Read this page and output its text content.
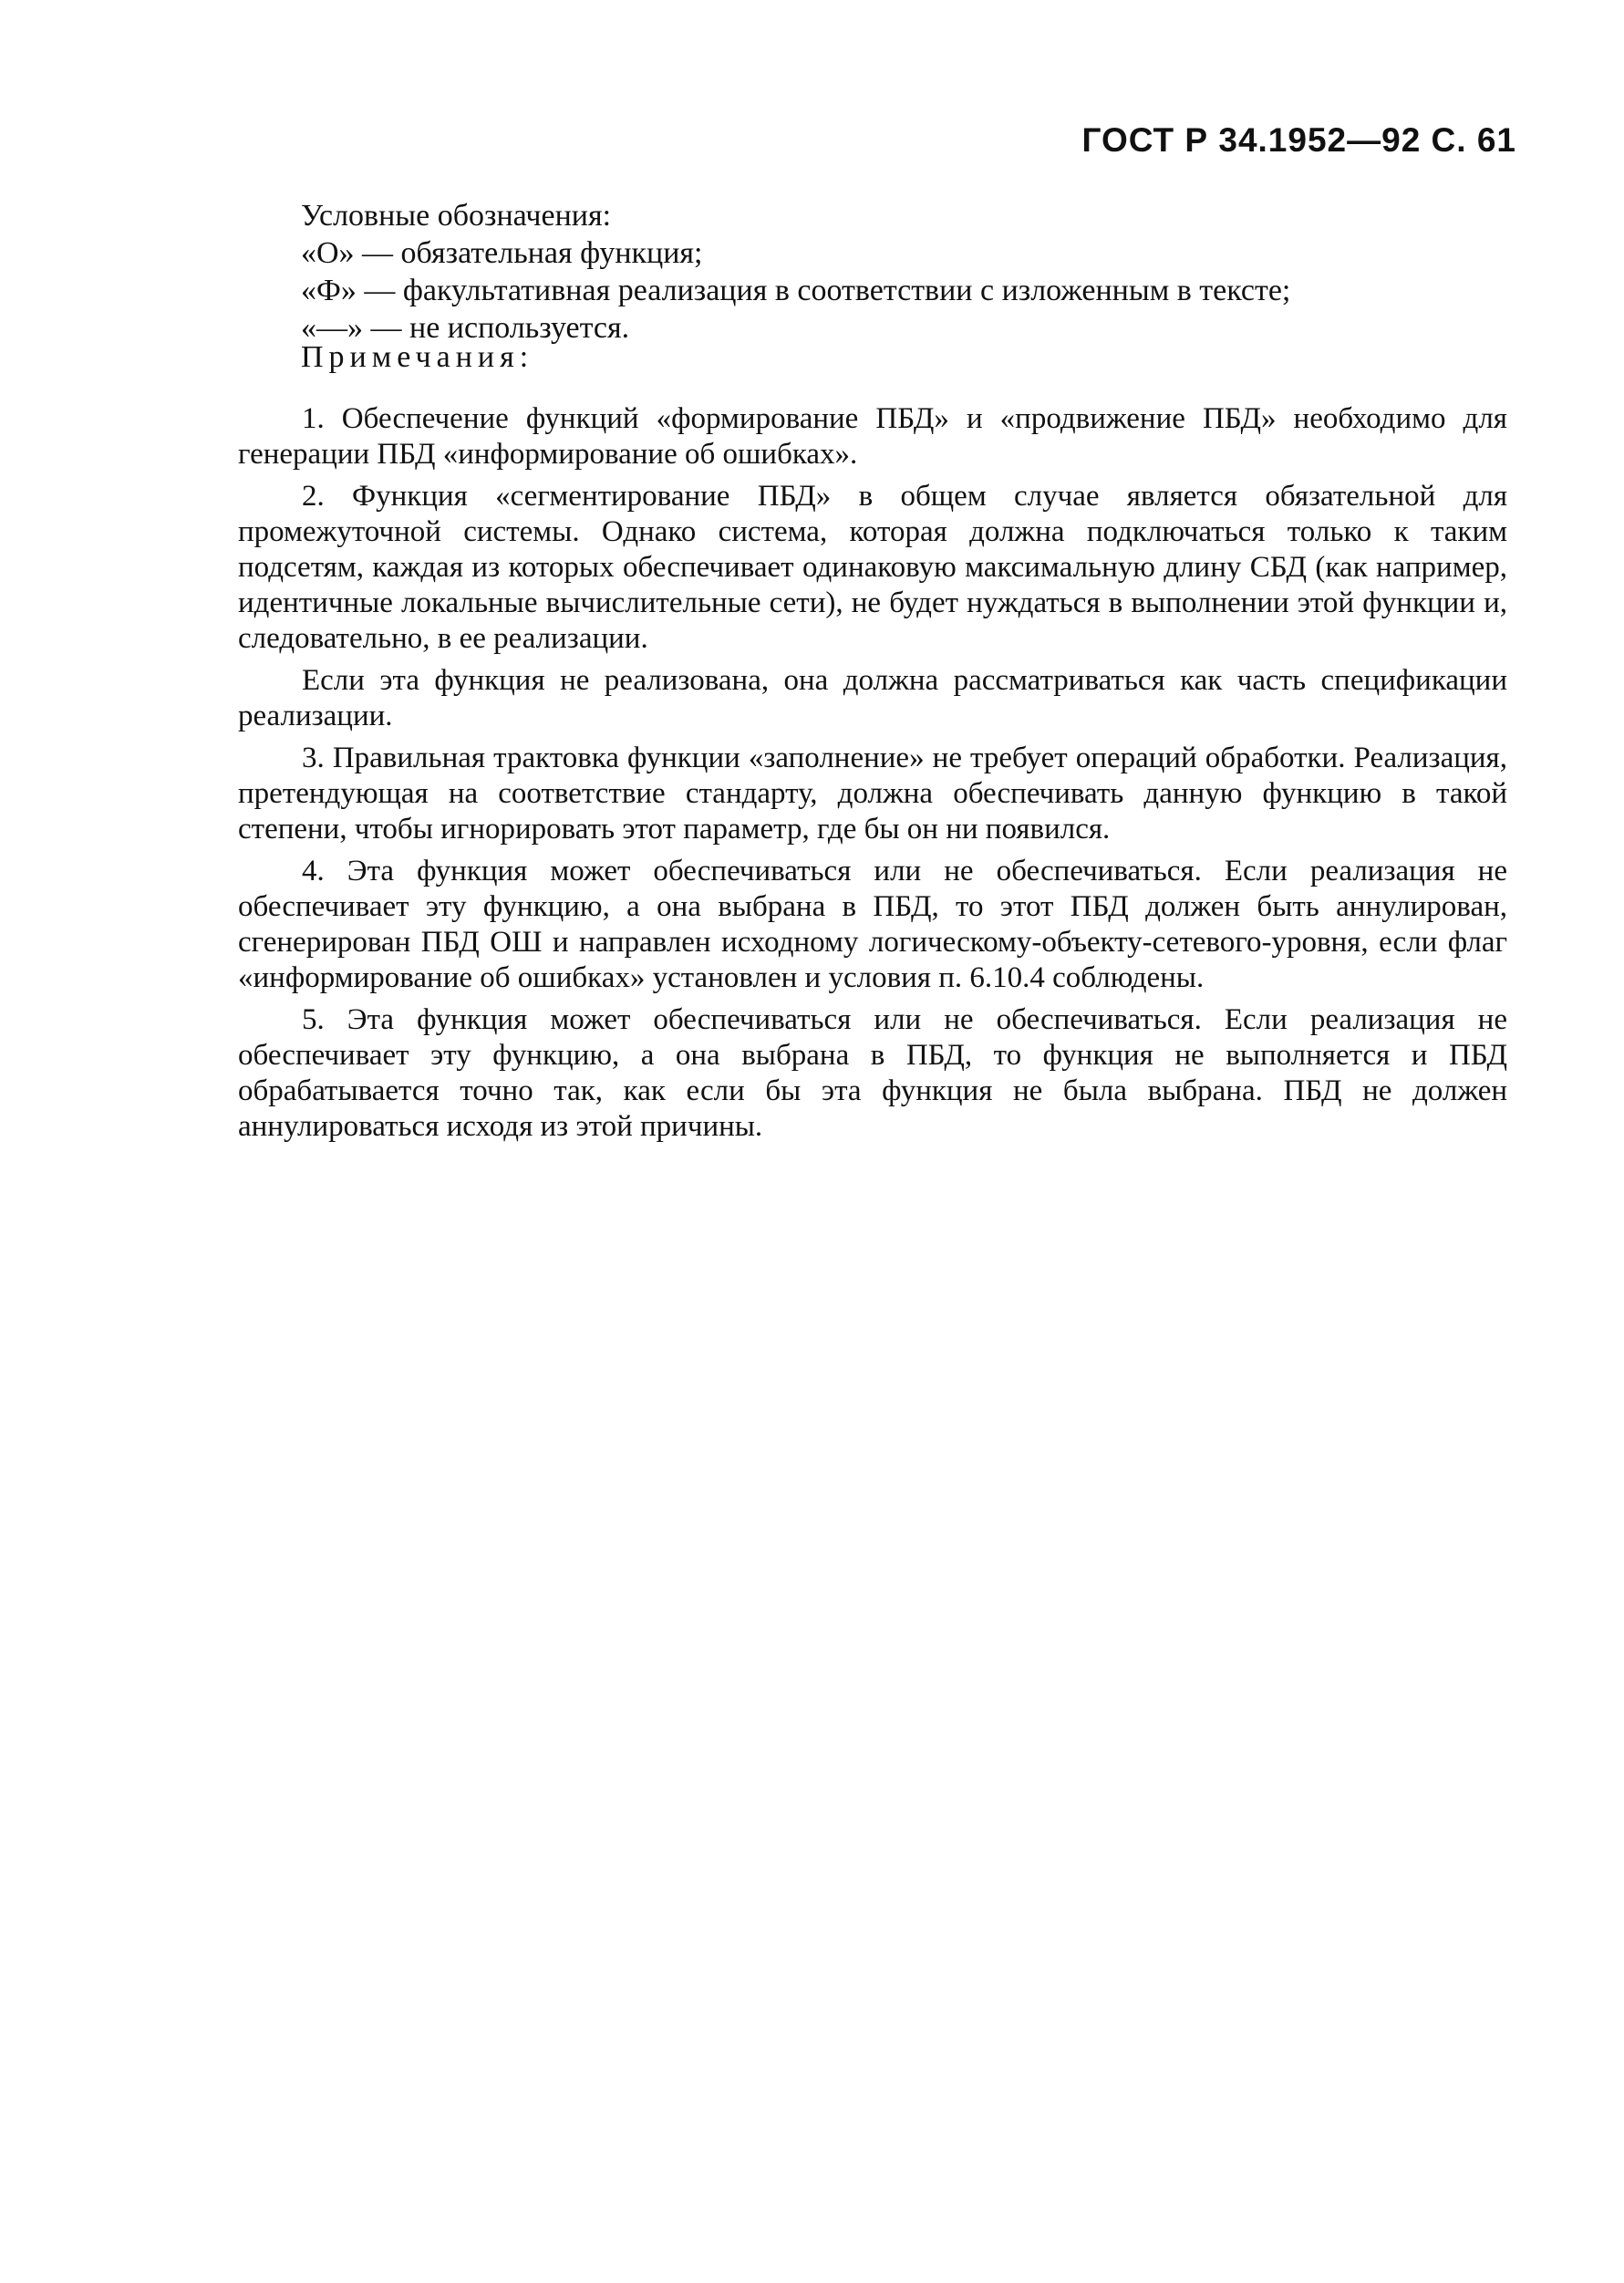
ГОСТ Р 34.1952—92 С. 61
Условные обозначения:
«О» — обязательная функция;
«Ф» — факультативная реализация в соответствии с изложенным в тексте;
«—» — не используется.
Примечания:

1. Обеспечение функций «формирование ПБД» и «продвижение ПБД» необходимо для генерации ПБД «информирование об ошибках».

2. Функция «сегментирование ПБД» в общем случае является обязательной для промежуточной системы. Однако система, которая должна подключаться только к таким подсетям, каждая из которых обеспечивает одинаковую максимальную длину СБД (как например, идентичные локальные вычислительные сети), не будет нуждаться в выполнении этой функции и, следовательно, в ее реализации.

Если эта функция не реализована, она должна рассматриваться как часть спецификации реализации.

3. Правильная трактовка функции «заполнение» не требует операций обработки. Реализация, претендующая на соответствие стандарту, должна обеспечивать данную функцию в такой степени, чтобы игнорировать этот параметр, где бы он ни появился.

4. Эта функция может обеспечиваться или не обеспечиваться. Если реализация не обеспечивает эту функцию, а она выбрана в ПБД, то этот ПБД должен быть аннулирован, сгенерирован ПБД ОШ и направлен исходному логическому-объекту-сетевого-уровня, если флаг «информирование об ошибках» установлен и условия п. 6.10.4 соблюдены.

5. Эта функция может обеспечиваться или не обеспечиваться. Если реализация не обеспечивает эту функцию, а она выбрана в ПБД, то функция не выполняется и ПБД обрабатывается точно так, как если бы эта функция не была выбрана. ПБД не должен аннулироваться исходя из этой причины.
